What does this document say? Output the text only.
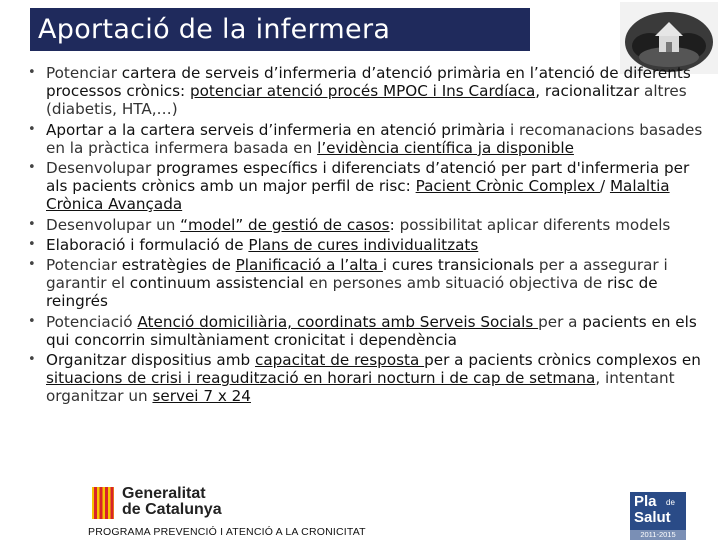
Aportació de la infermera
• Potenciar cartera de serveis d’infermeria d’atenció primària en l’atenció de diferents processos crònics: potenciar atenció procés MPOC i Ins Cardíaca, racionalitzar altres (diabetis, HTA,…)
• Aportar a la cartera serveis d’infermeria en atenció primària i recomanacions basades en la pràctica infermera basada en l’evidència científica ja disponible
• Desenvolupar programes específics i diferenciats d’atenció per part d'infermeria per als pacients crònics amb un major perfil de risc: Pacient Crònic Complex / Malaltia Crònica Avançada
• Desenvolupar un “model” de gestió de casos: possibilitat aplicar diferents models
• Elaboració i formulació de Plans de cures individualitzats
• Potenciar estratègies de Planificació a l’alta i cures transicionals per a assegurar i garantir el continuum assistencial en persones amb situació objectiva de risc de reingrés
• Potenciació Atenció domiciliària, coordinats amb Serveis Socials per a pacients en els qui concorrin simultàniament cronicitat i dependència
• Organitzar dispositius amb capacitat de resposta per a pacients crònics complexos en situacions de crisi i reagudització en horari nocturn i de cap de setmana, intentant organitzar un servei 7 x 24
Generalitat
de Catalunya
PROGRAMA PREVENCIÓ I ATENCIÓ A LA CRONICITAT
Pla de
Salut
2011-2015
